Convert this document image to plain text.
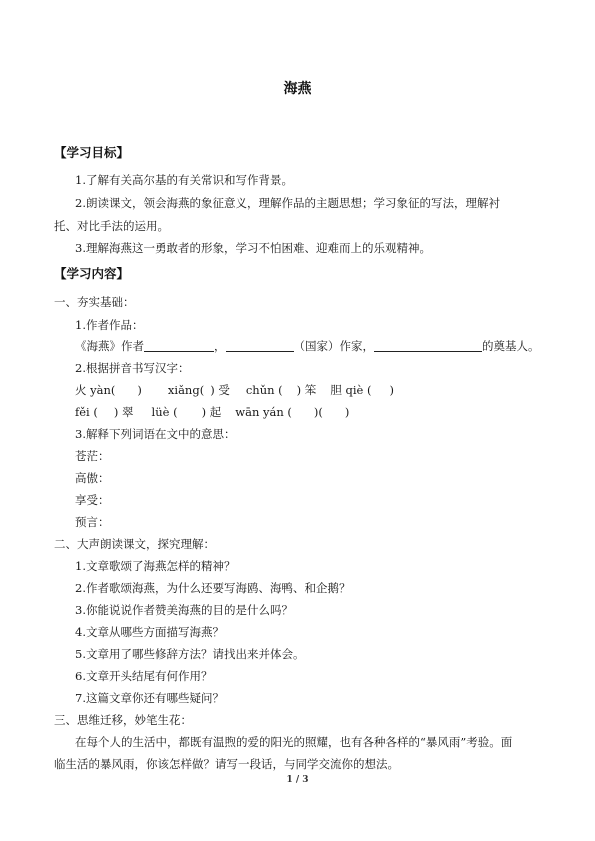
海燕
【学习目标】
1.了解有关高尔基的有关常识和写作背景。
2.朗读课文，领会海燕的象征意义，理解作品的主题思想；学习象征的写法，理解衬
托、对比手法的运用。
3.理解海燕这一勇敢者的形象，学习不怕困难、迎难而上的乐观精神。
【学习内容】
一、夯实基础：
1.作者作品：
《海燕》作者	，	（国家）作家，	的奠基人。
2.根据拼音书写汉字：
火 yàn( ) xiǎng( ) 受 chǔn ( ) 笨 胆 qiè ( )
fěi ( ) 翠 lüè ( ) 起 wān yán ( )( )
3.解释下列词语在文中的意思：
苍茫：
高傲：
享受：
预言：
二、大声朗读课文，探究理解：
1.文章歌颂了海燕怎样的精神？
2.作者歌颂海燕，为什么还要写海鸥、海鸭、和企鹅？
3.你能说说作者赞美海燕的目的是什么吗？
4.文章从哪些方面描写海燕？
5.文章用了哪些修辞方法？请找出来并体会。
6.文章开头结尾有何作用？
7.这篇文章你还有哪些疑问？
三、思维迁移，妙笔生花：
在每个人的生活中，都既有温煦的爱的阳光的照耀，也有各种各样的“暴风雨”考验。面
临生活的暴风雨，你该怎样做？请写一段话，与同学交流你的想法。
1 / 3
